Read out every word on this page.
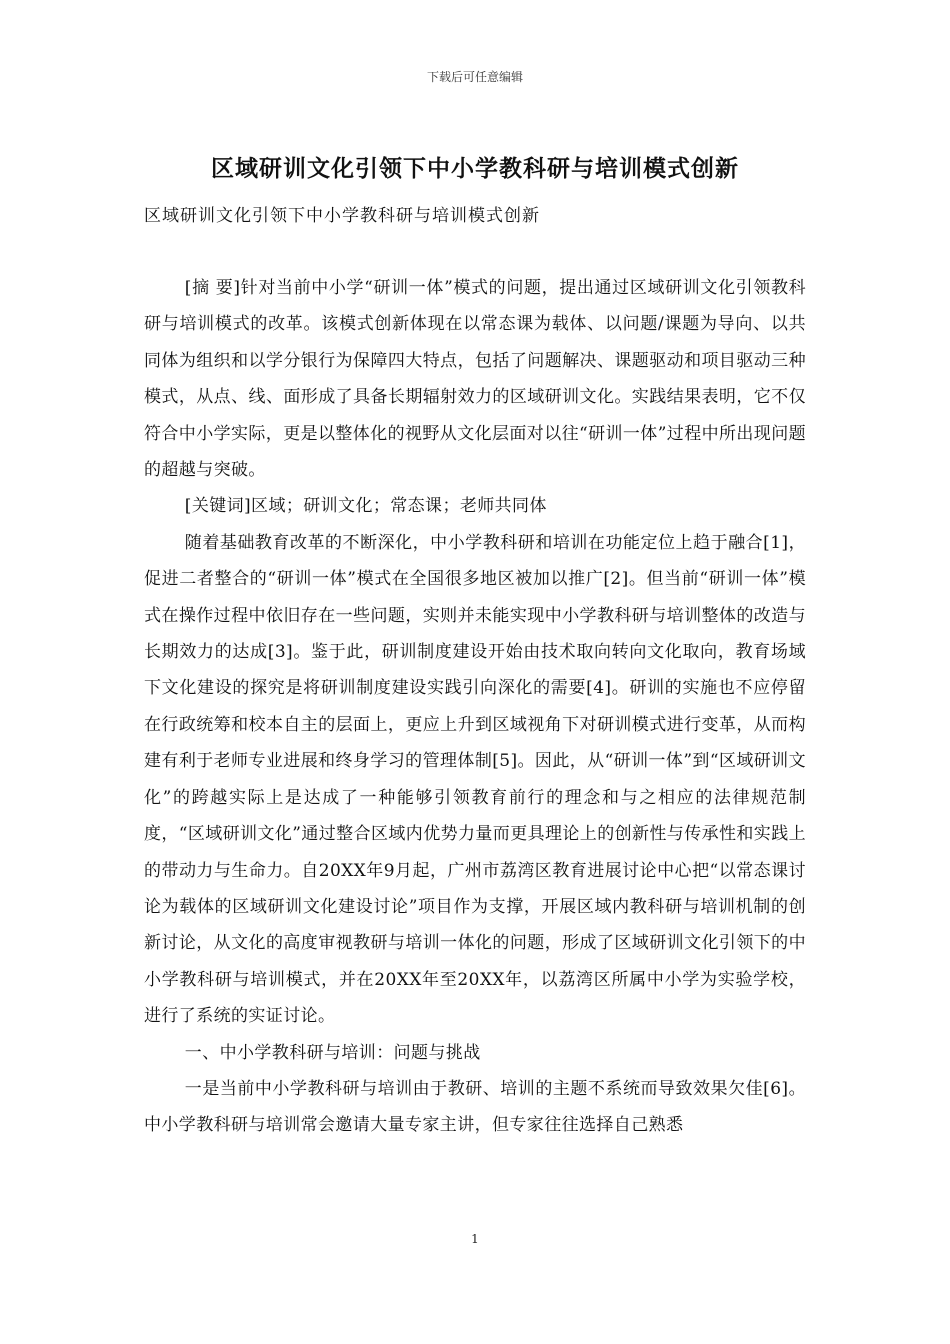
下载后可任意编辑
区域研训文化引领下中小学教科研与培训模式创新
区域研训文化引领下中小学教科研与培训模式创新

[摘 要]针对当前中小学“研训一体”模式的问题，提出通过区域研训文化引领教科研与培训模式的改革。该模式创新体现在以常态课为载体、以问题/课题为导向、以共同体为组织和以学分银行为保障四大特点，包括了问题解决、课题驱动和项目驱动三种模式，从点、线、面形成了具备长期辐射效力的区域研训文化。实践结果表明，它不仅符合中小学实际，更是以整体化的视野从文化层面对以往“研训一体”过程中所出现问题的超越与突破。

[关键词]区域；研训文化；常态课；老师共同体

随着基础教育改革的不断深化，中小学教科研和培训在功能定位上趋于融合[1]，促进二者整合的“研训一体”模式在全国很多地区被加以推广[2]。但当前“研训一体”模式在操作过程中依旧存在一些问题，实则并未能实现中小学教科研与培训整体的改造与长期效力的达成[3]。鉴于此，研训制度建设开始由技术取向转向文化取向，教育场域下文化建设的探究是将研训制度建设实践引向深化的需要[4]。研训的实施也不应停留在行政统筹和校本自主的层面上，更应上升到区域视角下对研训模式进行变革，从而构建有利于老师专业进展和终身学习的管理体制[5]。因此，从“研训一体”到“区域研训文化”的跨越实际上是达成了一种能够引领教育前行的理念和与之相应的法律规范制度，“区域研训文化”通过整合区域内优势力量而更具理论上的创新性与传承性和实践上的带动力与生命力。自20XX年9月起，广州市荔湾区教育进展讨论中心把“以常态课讨论为载体的区域研训文化建设讨论”项目作为支撑，开展区域内教科研与培训机制的创新讨论，从文化的高度审视教研与培训一体化的问题，形成了区域研训文化引领下的中小学教科研与培训模式，并在20XX年至20XX年，以荔湾区所属中小学为实验学校，进行了系统的实证讨论。

一、中小学教科研与培训：问题与挑战

一是当前中小学教科研与培训由于教研、培训的主题不系统而导致效果欠佳[6]。中小学教科研与培训常会邀请大量专家主讲，但专家往往选择自己熟悉

1
